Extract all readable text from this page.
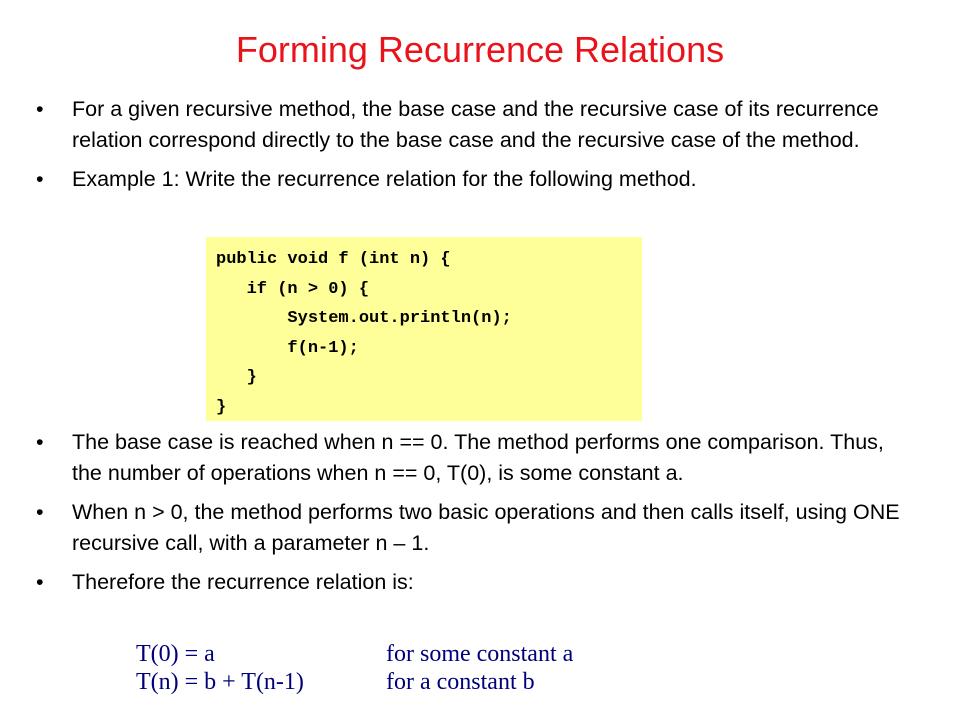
Forming Recurrence Relations
• For a given recursive method, the base case and the recursive case of its recurrence relation correspond directly to the base case and the recursive case of the method.
• Example 1: Write the recurrence relation for the following method.
public void f (int n) {
if (n > 0) {
System.out.println(n);
f(n-1);
}
}
• The base case is reached when n == 0. The method performs one comparison. Thus, the number of operations when n == 0, T(0), is some constant a.
• When n > 0, the method performs two basic operations and then calls itself, using ONE recursive call, with a parameter n – 1.
• Therefore the recurrence relation is:
T(0) = a	for some constant a
T(n) = b + T(n-1)	for a constant b
